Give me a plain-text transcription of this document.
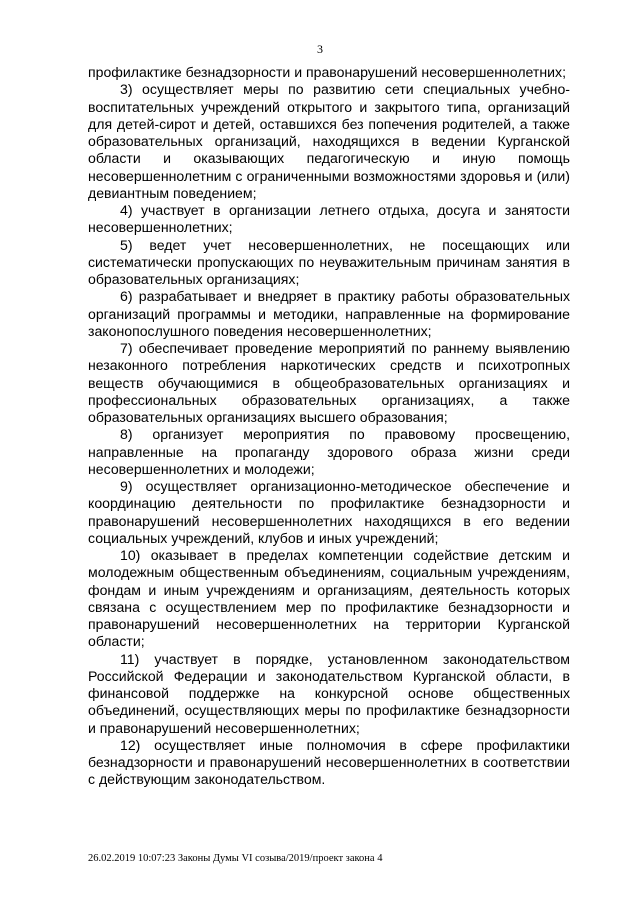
3

профилактике безнадзорности и правонарушений несовершеннолетних;

3) осуществляет меры по развитию сети специальных учебно-воспитательных учреждений открытого и закрытого типа, организаций для детей-сирот и детей, оставшихся без попечения родителей, а также образовательных организаций, находящихся в ведении Курганской области и оказывающих педагогическую и иную помощь несовершеннолетним с ограниченными возможностями здоровья и (или) девиантным поведением;

4) участвует в организации летнего отдыха, досуга и занятости несовершеннолетних;

5) ведет учет несовершеннолетних, не посещающих или систематически пропускающих по неуважительным причинам занятия в образовательных организациях;

6) разрабатывает и внедряет в практику работы образовательных организаций программы и методики, направленные на формирование законопослушного поведения несовершеннолетних;

7) обеспечивает проведение мероприятий по раннему выявлению незаконного потребления наркотических средств и психотропных веществ обучающимися в общеобразовательных организациях и профессиональных образовательных организациях, а также образовательных организациях высшего образования;

8) организует мероприятия по правовому просвещению, направленные на пропаганду здорового образа жизни среди несовершеннолетних и молодежи;

9) осуществляет организационно-методическое обеспечение и координацию деятельности по профилактике безнадзорности и правонарушений несовершеннолетних находящихся в его ведении социальных учреждений, клубов и иных учреждений;

10) оказывает в пределах компетенции содействие детским и молодежным общественным объединениям, социальным учреждениям, фондам и иным учреждениям и организациям, деятельность которых связана с осуществлением мер по профилактике безнадзорности и правонарушений несовершеннолетних на территории Курганской области;

11) участвует в порядке, установленном законодательством Российской Федерации и законодательством Курганской области, в финансовой поддержке на конкурсной основе общественных объединений, осуществляющих меры по профилактике безнадзорности и правонарушений несовершеннолетних;

12) осуществляет иные полномочия в сфере профилактики безнадзорности и правонарушений несовершеннолетних в соответствии с действующим законодательством.

26.02.2019 10:07:23 Законы Думы VI созыва/2019/проект закона 4
